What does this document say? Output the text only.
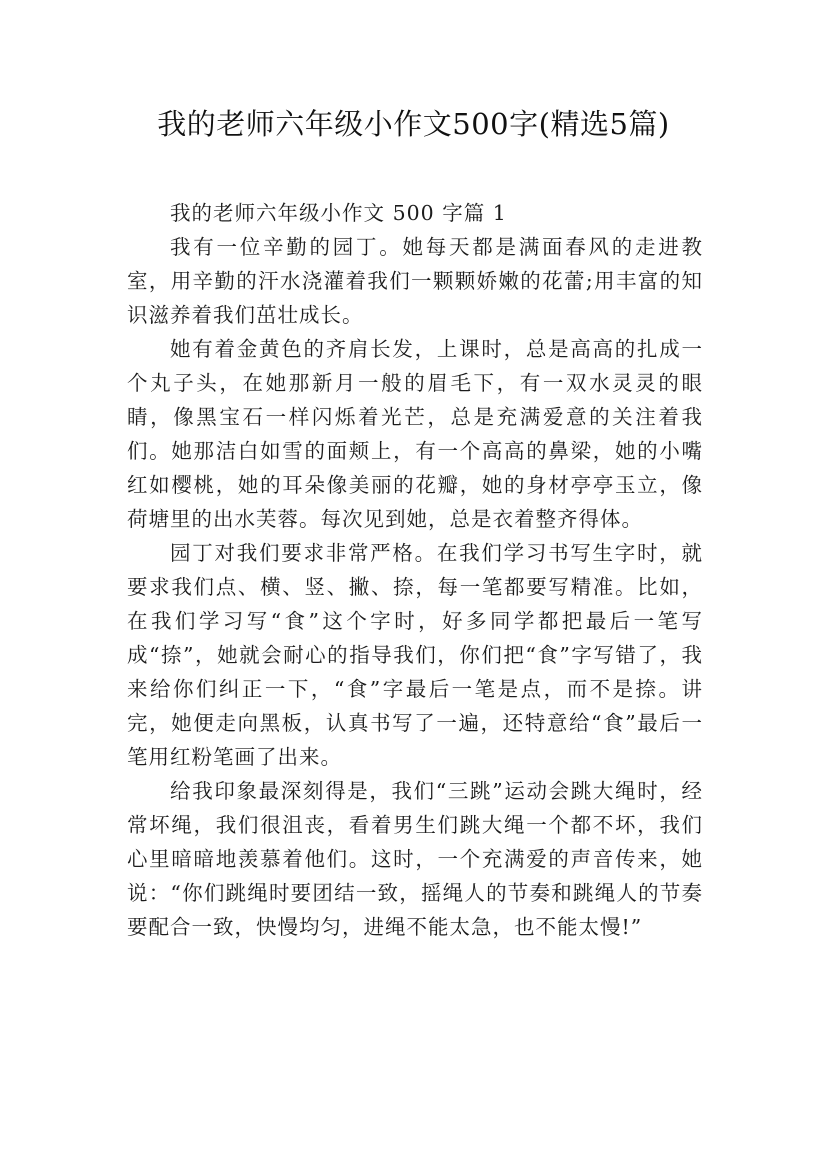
我的老师六年级小作文500字(精选5篇)

我的老师六年级小作文 500 字篇 1

我有一位辛勤的园丁。她每天都是满面春风的走进教室，用辛勤的汗水浇灌着我们一颗颗娇嫩的花蕾;用丰富的知识滋养着我们茁壮成长。

她有着金黄色的齐肩长发，上课时，总是高高的扎成一个丸子头，在她那新月一般的眉毛下，有一双水灵灵的眼睛，像黑宝石一样闪烁着光芒，总是充满爱意的关注着我们。她那洁白如雪的面颊上，有一个高高的鼻梁，她的小嘴红如樱桃，她的耳朵像美丽的花瓣，她的身材亭亭玉立，像荷塘里的出水芙蓉。每次见到她，总是衣着整齐得体。

园丁对我们要求非常严格。在我们学习书写生字时，就要求我们点、横、竖、撇、捺，每一笔都要写精准。比如，在我们学习写“食”这个字时，好多同学都把最后一笔写成“捺”，她就会耐心的指导我们，你们把“食”字写错了，我来给你们纠正一下，“食”字最后一笔是点，而不是捺。讲完，她便走向黑板，认真书写了一遍，还特意给“食”最后一笔用红粉笔画了出来。

给我印象最深刻得是，我们“三跳”运动会跳大绳时，经常坏绳，我们很沮丧，看着男生们跳大绳一个都不坏，我们心里暗暗地羡慕着他们。这时，一个充满爱的声音传来，她说：“你们跳绳时要团结一致，摇绳人的节奏和跳绳人的节奏要配合一致，快慢均匀，进绳不能太急，也不能太慢!”
